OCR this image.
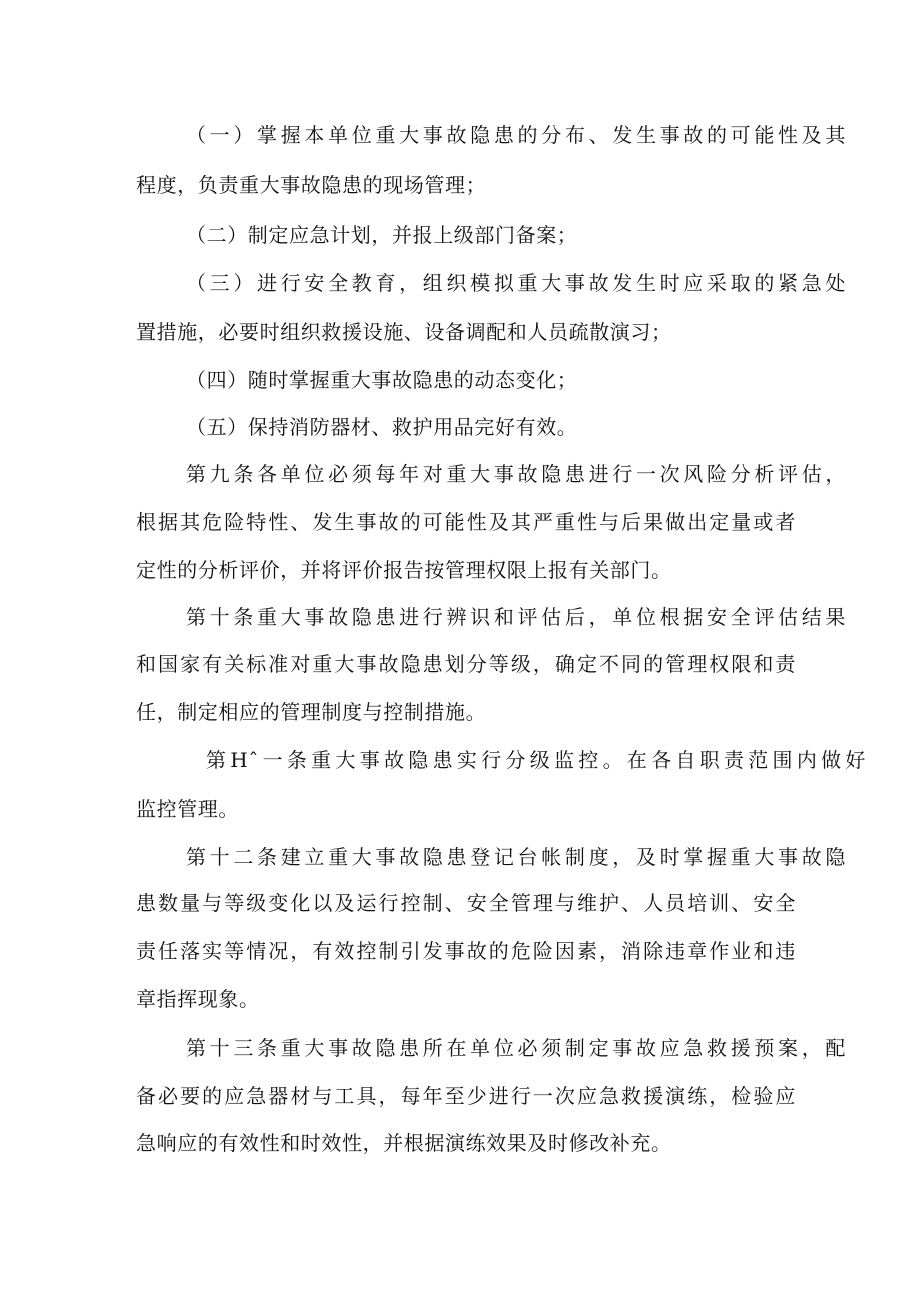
（一）掌握本单位重大事故隐患的分布、发生事故的可能性及其
程度，负责重大事故隐患的现场管理；
（二）制定应急计划，并报上级部门备案；
（三）进行安全教育，组织模拟重大事故发生时应采取的紧急处
置措施，必要时组织救援设施、设备调配和人员疏散演习；
（四）随时掌握重大事故隐患的动态变化；
（五）保持消防器材、救护用品完好有效。
第九条各单位必须每年对重大事故隐患进行一次风险分析评估，
根据其危险特性、发生事故的可能性及其严重性与后果做出定量或者
定性的分析评价，并将评价报告按管理权限上报有关部门。
第十条重大事故隐患进行辨识和评估后，单位根据安全评估结果
和国家有关标准对重大事故隐患划分等级，确定不同的管理权限和责
任，制定相应的管理制度与控制措施。
第Hˆ一条重大事故隐患实行分级监控。在各自职责范围内做好
监控管理。
第十二条建立重大事故隐患登记台帐制度，及时掌握重大事故隐
患数量与等级变化以及运行控制、安全管理与维护、人员培训、安全
责任落实等情况，有效控制引发事故的危险因素，消除违章作业和违
章指挥现象。
第十三条重大事故隐患所在单位必须制定事故应急救援预案，配
备必要的应急器材与工具，每年至少进行一次应急救援演练，检验应
急响应的有效性和时效性，并根据演练效果及时修改补充。
